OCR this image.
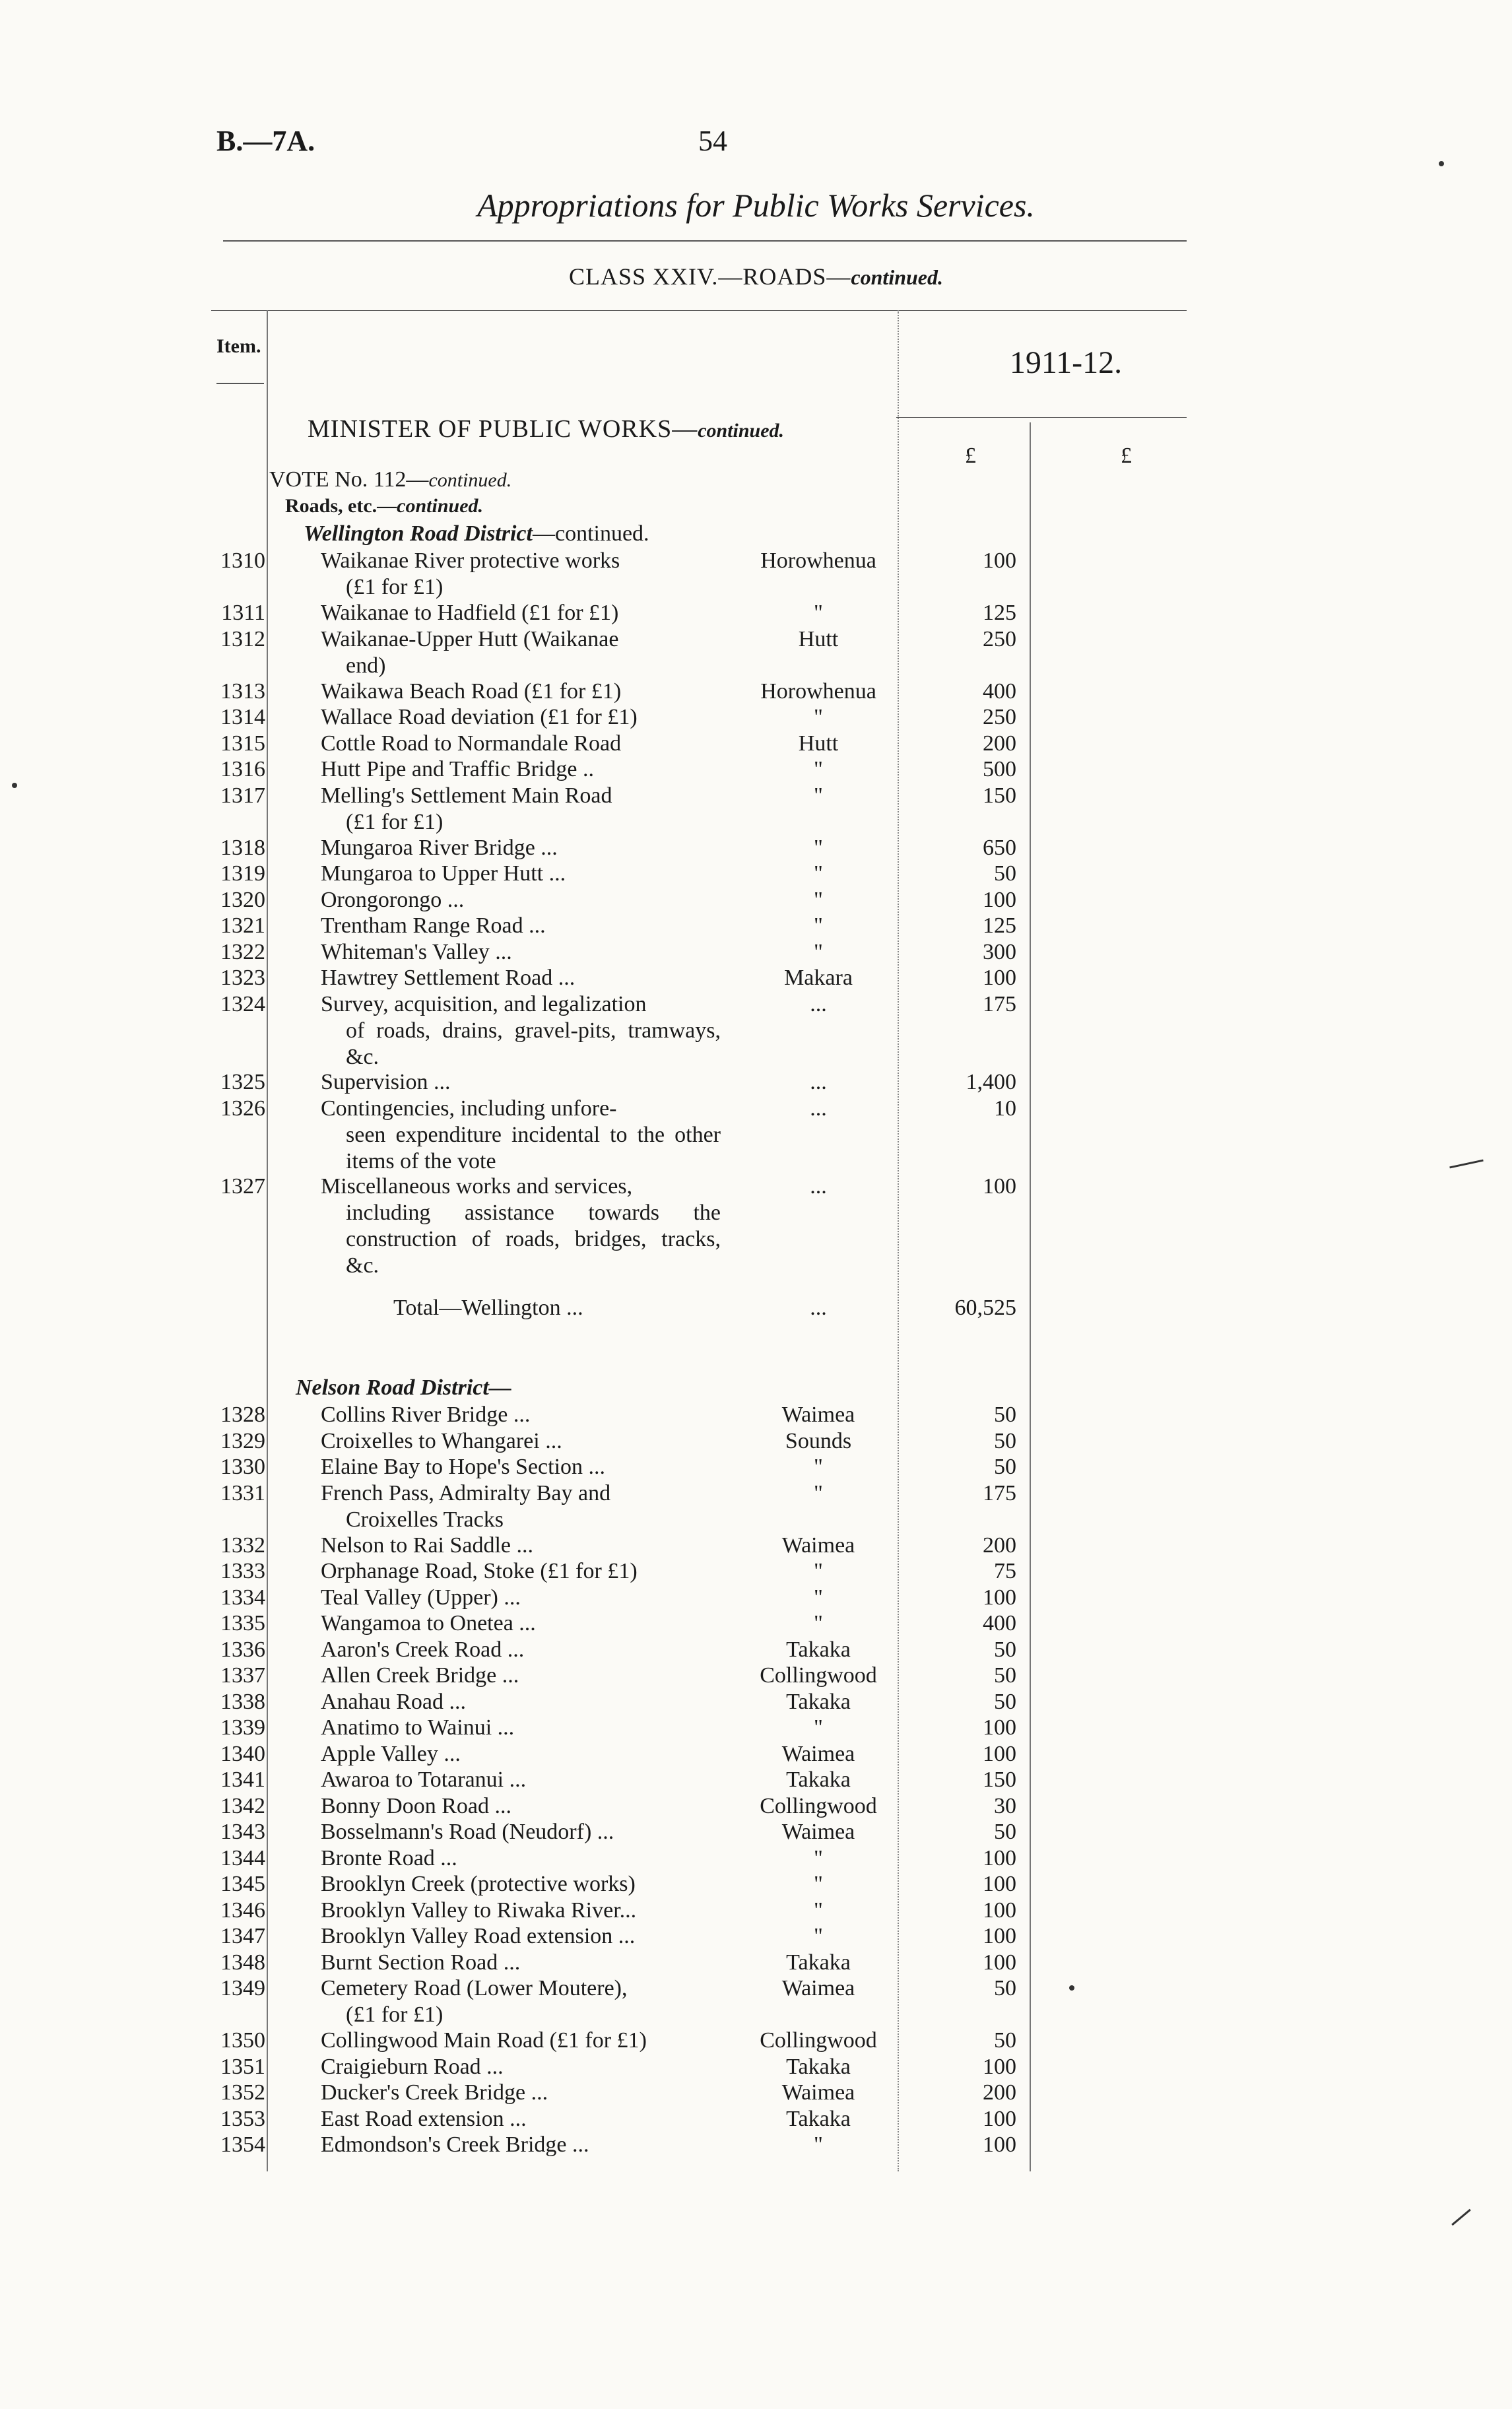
B.—7A.	54
Appropriations for Public Works Services.
CLASS XXIV.—ROADS—continued.
Item.	1911-12.
MINISTER OF PUBLIC WORKS—continued.
£	£
VOTE No. 112—continued.
Roads, etc.—continued.
Wellington Road District—continued.
1310 Waikanae River protective works
(£1 for £1)
Horowhenua	100
1311 Waikanae to Hadfield (£1 for £1)	"	125
1312 Waikanae-Upper Hutt (Waikanae
end)
Hutt	250
1313 Waikawa Beach Road (£1 for £1)	Horowhenua	400
1314 Wallace Road deviation (£1 for £1)	"	250
1315 Cottle Road to Normandale Road	Hutt	200
1316 Hutt Pipe and Traffic Bridge ..	"	500
1317 Melling's Settlement Main Road
(£1 for £1)
"	150
1318 Mungaroa River Bridge ...	"	650
1319 Mungaroa to Upper Hutt ...	"	50
1320 Orongorongo ...	"	100
1321 Trentham Range Road ...	"	125
1322 Whiteman's Valley ...	"	300
1323 Hawtrey Settlement Road ...	Makara	100
1324 Survey, acquisition, and legalization
of roads, drains, gravel-pits, tramways, &c.
...	175
1325 Supervision ...	...	1,400
1326 Contingencies, including unfore-
seen expenditure incidental to the other items of the vote
...	10
1327 Miscellaneous works and services,
including assistance towards the construction of roads, bridges, tracks, &c.
...	100
Total—Wellington ...	...	60,525
Nelson Road District—
1328 Collins River Bridge ...	Waimea	50
1329 Croixelles to Whangarei ...	Sounds	50
1330 Elaine Bay to Hope's Section ...	"	50
1331 French Pass, Admiralty Bay and
Croixelles Tracks
"	175
1332 Nelson to Rai Saddle ...	Waimea	200
1333 Orphanage Road, Stoke (£1 for £1)	"	75
1334 Teal Valley (Upper) ...	"	100
1335 Wangamoa to Onetea ...	"	400
1336 Aaron's Creek Road ...	Takaka	50
1337 Allen Creek Bridge ...	Collingwood	50
1338 Anahau Road ...	Takaka	50
1339 Anatimo to Wainui ...	"	100
1340 Apple Valley ...	Waimea	100
1341 Awaroa to Totaranui ...	Takaka	150
1342 Bonny Doon Road ...	Collingwood	30
1343 Bosselmann's Road (Neudorf) ...	Waimea	50
1344 Bronte Road ...	"	100
1345 Brooklyn Creek (protective works)	"	100
1346 Brooklyn Valley to Riwaka River...	"	100
1347 Brooklyn Valley Road extension ...	"	100
1348 Burnt Section Road ...	Takaka	100
1349 Cemetery Road (Lower Moutere),
(£1 for £1)
Waimea	50
1350 Collingwood Main Road (£1 for £1)	Collingwood	50
1351 Craigieburn Road ...	Takaka	100
1352 Ducker's Creek Bridge ...	Waimea	200
1353 East Road extension ...	Takaka	100
1354 Edmondson's Creek Bridge ...	"	100
